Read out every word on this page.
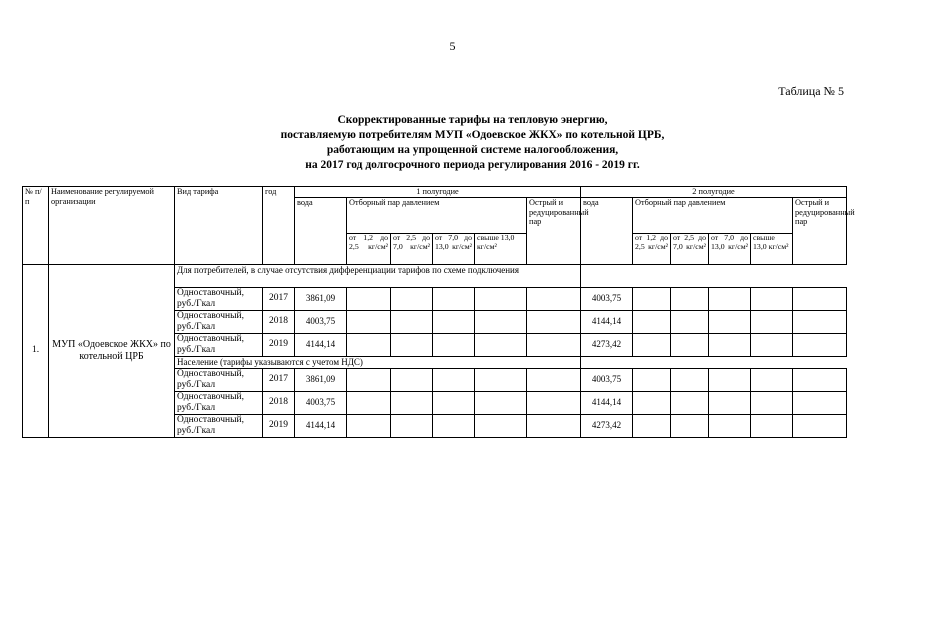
5
Таблица № 5
Скорректированные тарифы на тепловую энергию,
поставляемую потребителям МУП «Одоевское ЖКХ» по котельной ЦРБ,
работающим на упрощенной системе налогообложения,
на 2017 год долгосрочного периода регулирования 2016 - 2019 гг.
№ п/п	Наименование регулируемой организации	Вид тарифа	год	1 полугодие						2 полугодие					
				вода	Отборный пар давлением				Острый и редуцированный пар	вода	Отборный пар давлением				Острый и редуцированный пар
					от 1,2 до 2,5 кг/см²	от 2,5 до 7,0 кг/см²	от 7,0 до 13,0 кг/см²	свыше 13,0 кг/см²			от 1,2 до 2,5 кг/см²	от 2,5 до 7,0 кг/см²	от 7,0 до 13,0 кг/см²	свыше 13,0 кг/см²	
1.	МУП «Одоевское ЖКХ» по котельной ЦРБ	Для потребителей, в случае отсутствия дифференциации тарифов по схеме подключения													
		Одноставочный, руб./Гкал	2017	3861,09						4003,75					
		Одноставочный, руб./Гкал	2018	4003,75						4144,14					
		Одноставочный, руб./Гкал	2019	4144,14						4273,42					
		Население (тарифы указываются с учетом НДС)													
		Одноставочный, руб./Гкал	2017	3861,09						4003,75					
		Одноставочный, руб./Гкал	2018	4003,75						4144,14					
		Одноставочный, руб./Гкал	2019	4144,14						4273,42					
